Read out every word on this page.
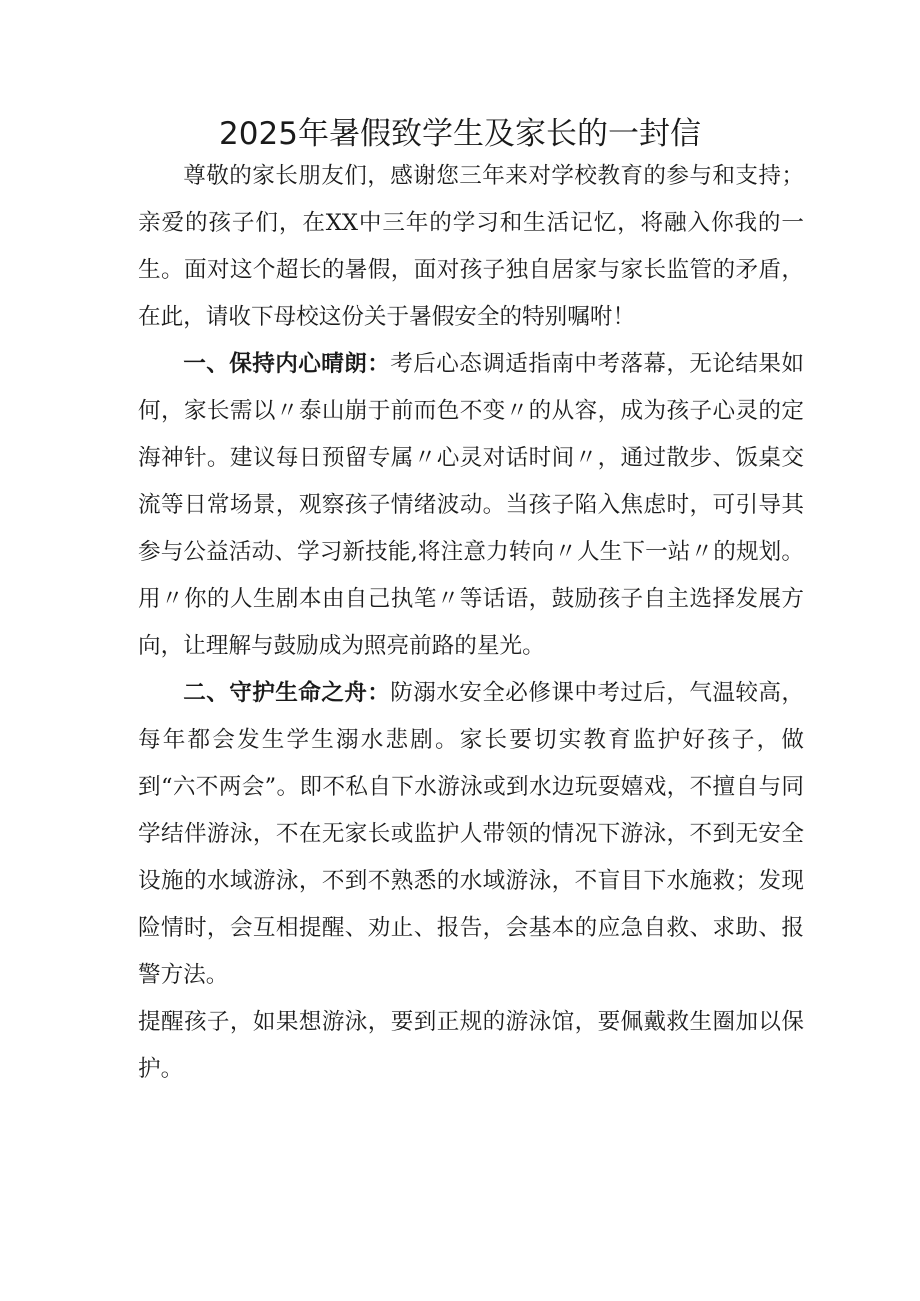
2025年暑假致学生及家长的一封信

尊敬的家长朋友们，感谢您三年来对学校教育的参与和支持；亲爱的孩子们，在XX中三年的学习和生活记忆，将融入你我的一生。面对这个超长的暑假，面对孩子独自居家与家长监管的矛盾，在此，请收下母校这份关于暑假安全的特别嘱咐！

一、保持内心晴朗：考后心态调适指南中考落幕，无论结果如何，家长需以〃泰山崩于前而色不变〃的从容，成为孩子心灵的定海神针。建议每日预留专属〃心灵对话时间〃，通过散步、饭桌交流等日常场景，观察孩子情绪波动。当孩子陷入焦虑时，可引导其参与公益活动、学习新技能,将注意力转向〃人生下一站〃的规划。用〃你的人生剧本由自己执笔〃等话语，鼓励孩子自主选择发展方向，让理解与鼓励成为照亮前路的星光。

二、守护生命之舟：防溺水安全必修课中考过后，气温较高，每年都会发生学生溺水悲剧。家长要切实教育监护好孩子，做到“六不两会”。即不私自下水游泳或到水边玩耍嬉戏，不擅自与同学结伴游泳，不在无家长或监护人带领的情况下游泳，不到无安全设施的水域游泳，不到不熟悉的水域游泳，不盲目下水施救；发现险情时，会互相提醒、劝止、报告，会基本的应急自救、求助、报警方法。

提醒孩子，如果想游泳，要到正规的游泳馆，要佩戴救生圈加以保护。
